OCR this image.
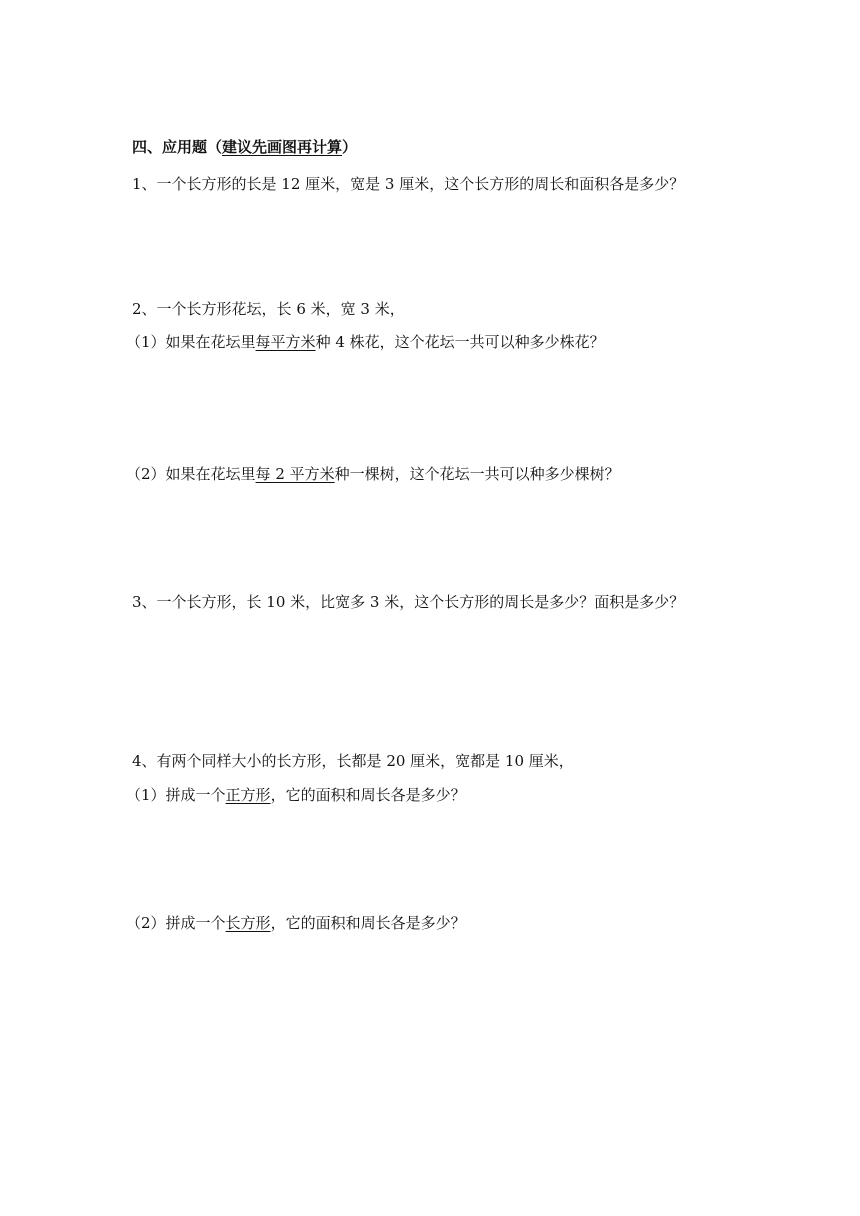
四、应用题（建议先画图再计算）
1、一个长方形的长是 12 厘米，宽是 3 厘米，这个长方形的周长和面积各是多少？
2、一个长方形花坛，长 6 米，宽 3 米，
（1）如果在花坛里每平方米种 4 株花，这个花坛一共可以种多少株花？
（2）如果在花坛里每 2 平方米种一棵树，这个花坛一共可以种多少棵树？
3、一个长方形，长 10 米，比宽多 3 米，这个长方形的周长是多少？面积是多少？
4、有两个同样大小的长方形，长都是 20 厘米，宽都是 10 厘米，
（1）拼成一个正方形，它的面积和周长各是多少？
（2）拼成一个长方形，它的面积和周长各是多少？
